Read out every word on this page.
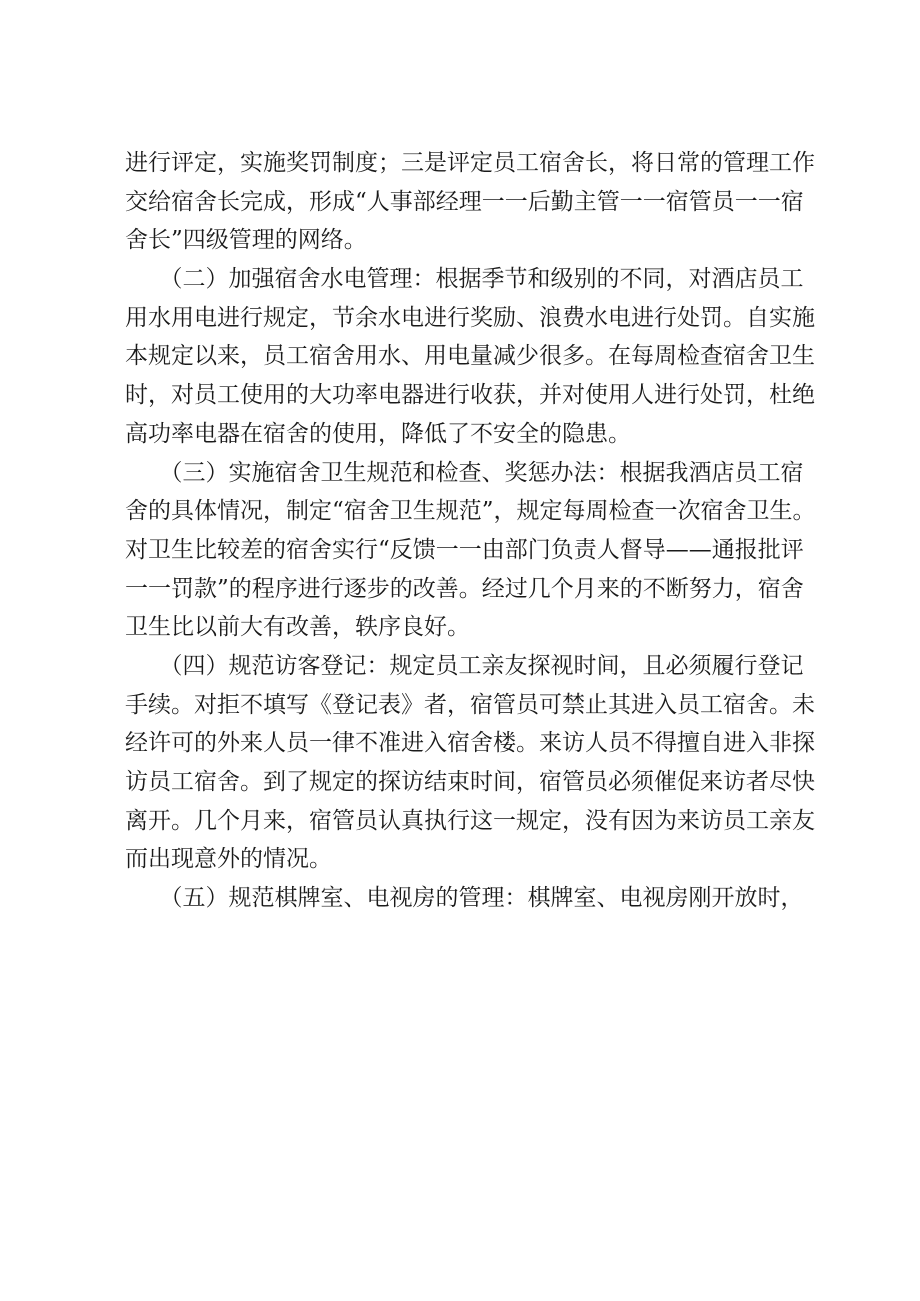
进行评定，实施奖罚制度；三是评定员工宿舍长，将日常的管理工作
交给宿舍长完成，形成“人事部经理一一后勤主管一一宿管员一一宿
舍长”四级管理的网络。
　　（二）加强宿舍水电管理：根据季节和级别的不同，对酒店员工
用水用电进行规定，节余水电进行奖励、浪费水电进行处罚。自实施
本规定以来，员工宿舍用水、用电量减少很多。在每周检查宿舍卫生
时，对员工使用的大功率电器进行收获，并对使用人进行处罚，杜绝
高功率电器在宿舍的使用，降低了不安全的隐患。
　　（三）实施宿舍卫生规范和检查、奖惩办法：根据我酒店员工宿
舍的具体情况，制定“宿舍卫生规范”，规定每周检查一次宿舍卫生。
对卫生比较差的宿舍实行“反馈一一由部门负责人督导——通报批评
一一罚款”的程序进行逐步的改善。经过几个月来的不断努力，宿舍
卫生比以前大有改善，轶序良好。
　　（四）规范访客登记：规定员工亲友探视时间，且必须履行登记
手续。对拒不填写《登记表》者，宿管员可禁止其进入员工宿舍。未
经许可的外来人员一律不准进入宿舍楼。来访人员不得擅自进入非探
访员工宿舍。到了规定的探访结束时间，宿管员必须催促来访者尽快
离开。几个月来，宿管员认真执行这一规定，没有因为来访员工亲友
而出现意外的情况。
　　（五）规范棋牌室、电视房的管理：棋牌室、电视房刚开放时，
